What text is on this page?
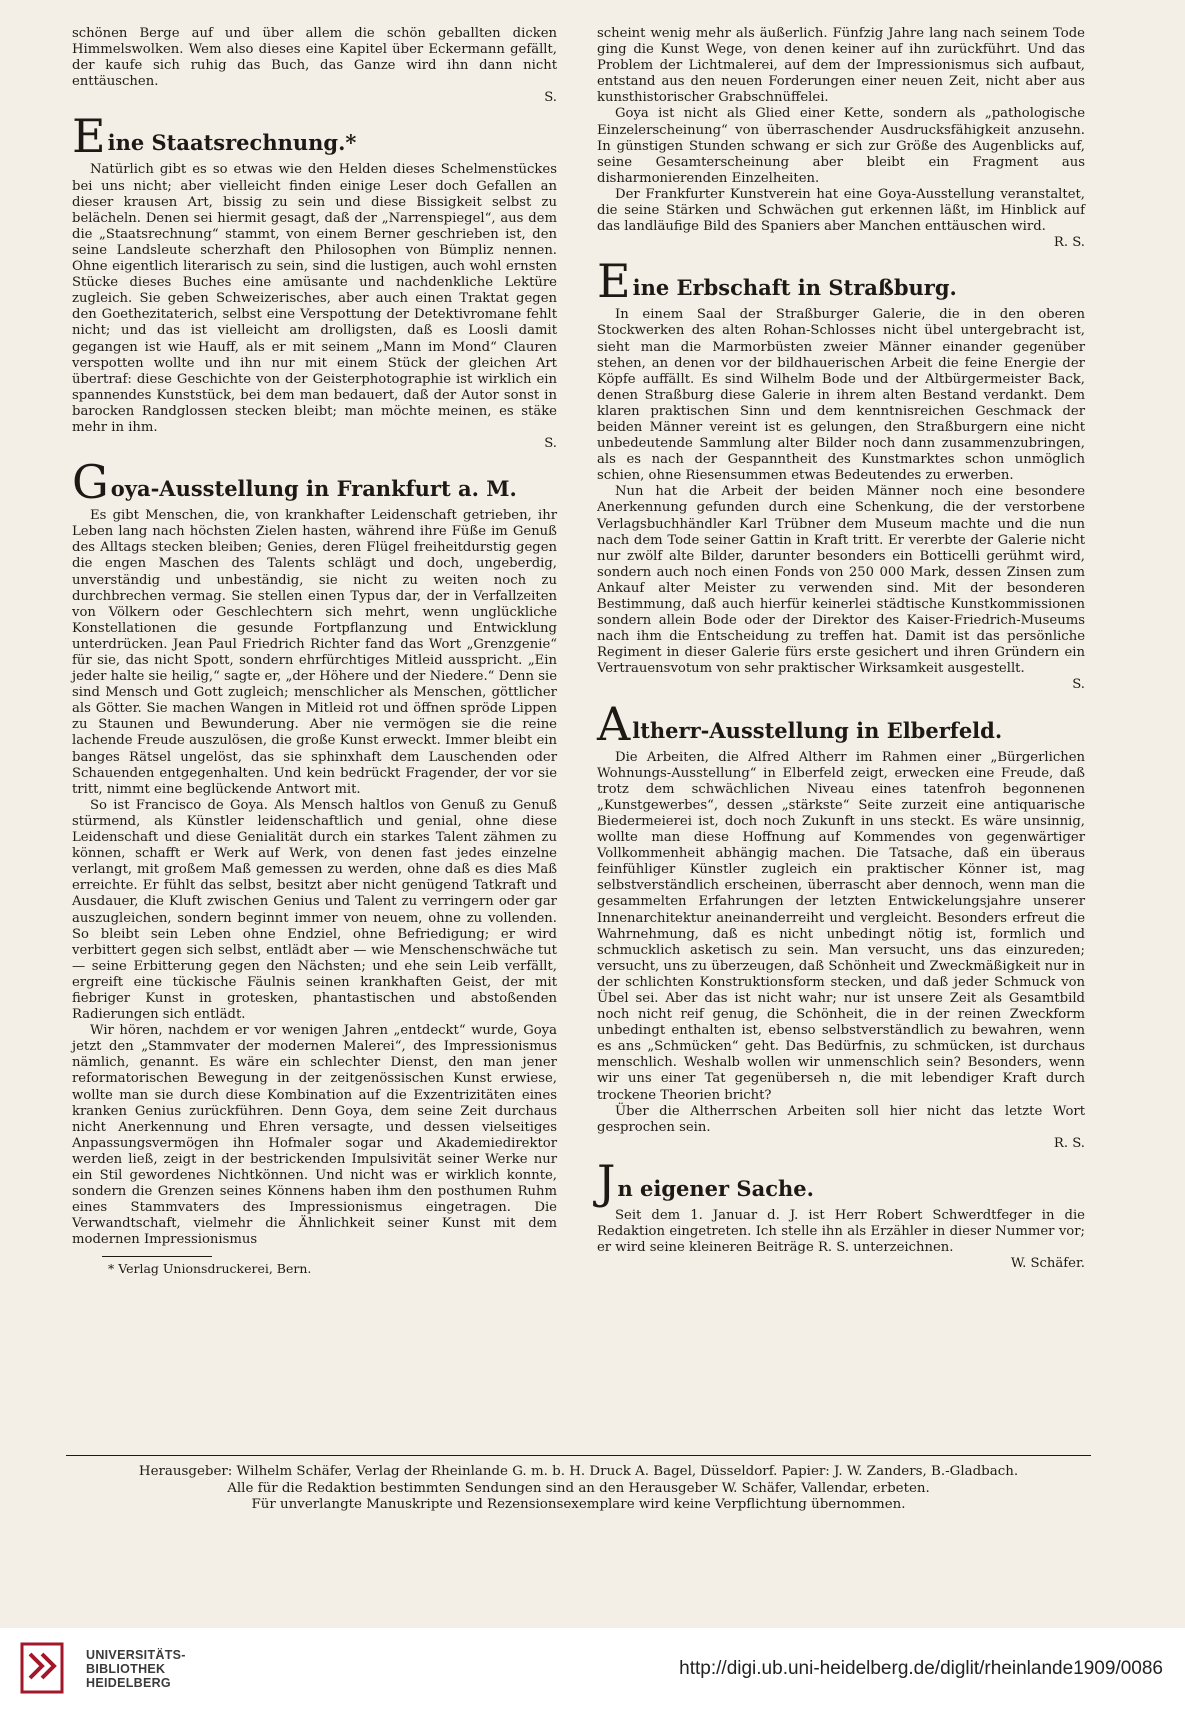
schönen Berge auf und über allem die schön geballten dicken Himmelswolken. Wem also dieses eine Kapitel über Eckermann gefällt, der kaufe sich ruhig das Buch, das Ganze wird ihn dann nicht enttäuschen.

S.
E ine Staatsrechnung.*

Natürlich gibt es so etwas wie den Helden dieses Schelmenstückes bei uns nicht; aber vielleicht finden einige Leser doch Gefallen an dieser krausen Art, bissig zu sein und diese Bissigkeit selbst zu belächeln. Denen sei hiermit gesagt, daß der „Narrenspiegel“, aus dem die „Staatsrechnung“ stammt, von einem Berner geschrieben ist, den seine Landsleute scherzhaft den Philosophen von Bümpliz nennen. Ohne eigentlich literarisch zu sein, sind die lustigen, auch wohl ernsten Stücke dieses Buches eine amüsante und nachdenkliche Lektüre zugleich. Sie geben Schweizerisches, aber auch einen Traktat gegen den Goethezitaterich, selbst eine Verspottung der Detektivromane fehlt nicht; und das ist vielleicht am drolligsten, daß es Loosli damit gegangen ist wie Hauff, als er mit seinem „Mann im Mond“ Clauren verspotten wollte und ihn nur mit einem Stück der gleichen Art übertraf: diese Geschichte von der Geisterphotographie ist wirklich ein spannendes Kunststück, bei dem man bedauert, daß der Autor sonst in barocken Randglossen stecken bleibt; man möchte meinen, es stäke mehr in ihm.

S.
G oya-Ausstellung in Frankfurt a. M.

Es gibt Menschen, die, von krankhafter Leidenschaft getrieben, ihr Leben lang nach höchsten Zielen hasten, während ihre Füße im Genuß des Alltags stecken bleiben; Genies, deren Flügel freiheitdurstig gegen die engen Maschen des Talents schlägt und doch, ungeberdig, unverständig und unbeständig, sie nicht zu weiten noch zu durchbrechen vermag. Sie stellen einen Typus dar, der in Verfallzeiten von Völkern oder Geschlechtern sich mehrt, wenn unglückliche Konstellationen die gesunde Fortpflanzung und Entwicklung unterdrücken. Jean Paul Friedrich Richter fand das Wort „Grenzgenie“ für sie, das nicht Spott, sondern ehrfürchtiges Mitleid ausspricht. „Ein jeder halte sie heilig,“ sagte er, „der Höhere und der Niedere.“ Denn sie sind Mensch und Gott zugleich; menschlicher als Menschen, göttlicher als Götter. Sie machen Wangen in Mitleid rot und öffnen spröde Lippen zu Staunen und Bewunderung. Aber nie vermögen sie die reine lachende Freude auszulösen, die große Kunst erweckt. Immer bleibt ein banges Rätsel ungelöst, das sie sphinxhaft dem Lauschenden oder Schauenden entgegenhalten. Und kein bedrückt Fragender, der vor sie tritt, nimmt eine beglückende Antwort mit.

So ist Francisco de Goya. Als Mensch haltlos von Genuß zu Genuß stürmend, als Künstler leidenschaftlich und genial, ohne diese Leidenschaft und diese Genialität durch ein starkes Talent zähmen zu können, schafft er Werk auf Werk, von denen fast jedes einzelne verlangt, mit großem Maß gemessen zu werden, ohne daß es dies Maß erreichte. Er fühlt das selbst, besitzt aber nicht genügend Tatkraft und Ausdauer, die Kluft zwischen Genius und Talent zu verringern oder gar auszugleichen, sondern beginnt immer von neuem, ohne zu vollenden. So bleibt sein Leben ohne Endziel, ohne Befriedigung; er wird verbittert gegen sich selbst, entlädt aber — wie Menschenschwäche tut — seine Erbitterung gegen den Nächsten; und ehe sein Leib verfällt, ergreift eine tückische Fäulnis seinen krankhaften Geist, der mit fiebriger Kunst in grotesken, phantastischen und abstoßenden Radierungen sich entlädt.

Wir hören, nachdem er vor wenigen Jahren „entdeckt“ wurde, Goya jetzt den „Stammvater der modernen Malerei“, des Impressionismus nämlich, genannt. Es wäre ein schlechter Dienst, den man jener reformatorischen Bewegung in der zeitgenössischen Kunst erwiese, wollte man sie durch diese Kombination auf die Exzentrizitäten eines kranken Genius zurückführen. Denn Goya, dem seine Zeit durchaus nicht Anerkennung und Ehren versagte, und dessen vielseitiges Anpassungsvermögen ihn Hofmaler sogar und Akademiedirektor werden ließ, zeigt in der bestrickenden Impulsivität seiner Werke nur ein Stil gewordenes Nichtkönnen. Und nicht was er wirklich konnte, sondern die Grenzen seines Könnens haben ihm den posthumen Ruhm eines Stammvaters des Impressionismus eingetragen. Die Verwandtschaft, vielmehr die Ähnlichkeit seiner Kunst mit dem modernen Impressionismus

* Verlag Unionsdruckerei, Bern.

scheint wenig mehr als äußerlich. Fünfzig Jahre lang nach seinem Tode ging die Kunst Wege, von denen keiner auf ihn zurückführt. Und das Problem der Lichtmalerei, auf dem der Impressionismus sich aufbaut, entstand aus den neuen Forderungen einer neuen Zeit, nicht aber aus kunsthistorischer Grabschnüffelei.

Goya ist nicht als Glied einer Kette, sondern als „pathologische Einzelerscheinung“ von überraschender Ausdrucksfähigkeit anzusehn. In günstigen Stunden schwang er sich zur Größe des Augenblicks auf, seine Gesamterscheinung aber bleibt ein Fragment aus disharmonierenden Einzelheiten.

Der Frankfurter Kunstverein hat eine Goya-Ausstellung veranstaltet, die seine Stärken und Schwächen gut erkennen läßt, im Hinblick auf das landläufige Bild des Spaniers aber Manchen enttäuschen wird.

R. S.
E ine Erbschaft in Straßburg.

In einem Saal der Straßburger Galerie, die in den oberen Stockwerken des alten Rohan-Schlosses nicht übel untergebracht ist, sieht man die Marmorbüsten zweier Männer einander gegenüber stehen, an denen vor der bildhauerischen Arbeit die feine Energie der Köpfe auffällt. Es sind Wilhelm Bode und der Altbürgermeister Back, denen Straßburg diese Galerie in ihrem alten Bestand verdankt. Dem klaren praktischen Sinn und dem kenntnisreichen Geschmack der beiden Männer vereint ist es gelungen, den Straßburgern eine nicht unbedeutende Sammlung alter Bilder noch dann zusammenzubringen, als es nach der Gespanntheit des Kunstmarktes schon unmöglich schien, ohne Riesensummen etwas Bedeutendes zu erwerben.

Nun hat die Arbeit der beiden Männer noch eine besondere Anerkennung gefunden durch eine Schenkung, die der verstorbene Verlagsbuchhändler Karl Trübner dem Museum machte und die nun nach dem Tode seiner Gattin in Kraft tritt. Er vererbte der Galerie nicht nur zwölf alte Bilder, darunter besonders ein Botticelli gerühmt wird, sondern auch noch einen Fonds von 250 000 Mark, dessen Zinsen zum Ankauf alter Meister zu verwenden sind. Mit der besonderen Bestimmung, daß auch hierfür keinerlei städtische Kunstkommissionen sondern allein Bode oder der Direktor des Kaiser-Friedrich-Museums nach ihm die Entscheidung zu treffen hat. Damit ist das persönliche Regiment in dieser Galerie fürs erste gesichert und ihren Gründern ein Vertrauensvotum von sehr praktischer Wirksamkeit ausgestellt.

S.
A ltherr-Ausstellung in Elberfeld.

Die Arbeiten, die Alfred Altherr im Rahmen einer „Bürgerlichen Wohnungs-Ausstellung“ in Elberfeld zeigt, erwecken eine Freude, daß trotz dem schwächlichen Niveau eines tatenfroh begonnenen „Kunstgewerbes“, dessen „stärkste“ Seite zurzeit eine antiquarische Biedermeierei ist, doch noch Zukunft in uns steckt. Es wäre unsinnig, wollte man diese Hoffnung auf Kommendes von gegenwärtiger Vollkommenheit abhängig machen. Die Tatsache, daß ein überaus feinfühliger Künstler zugleich ein praktischer Könner ist, mag selbstverständlich erscheinen, überrascht aber dennoch, wenn man die gesammelten Erfahrungen der letzten Entwickelungsjahre unserer Innenarchitektur aneinanderreiht und vergleicht. Besonders erfreut die Wahrnehmung, daß es nicht unbedingt nötig ist, formlich und schmucklich asketisch zu sein. Man versucht, uns das einzureden; versucht, uns zu überzeugen, daß Schönheit und Zweckmäßigkeit nur in der schlichten Konstruktionsform stecken, und daß jeder Schmuck von Übel sei. Aber das ist nicht wahr; nur ist unsere Zeit als Gesamtbild noch nicht reif genug, die Schönheit, die in der reinen Zweckform unbedingt enthalten ist, ebenso selbstverständlich zu bewahren, wenn es ans „Schmücken“ geht. Das Bedürfnis, zu schmücken, ist durchaus menschlich. Weshalb wollen wir unmenschlich sein? Besonders, wenn wir uns einer Tat gegenüberseh n, die mit lebendiger Kraft durch trockene Theorien bricht?

Über die Altherrschen Arbeiten soll hier nicht das letzte Wort gesprochen sein.

R. S.
J n eigener Sache.

Seit dem 1. Januar d. J. ist Herr Robert Schwerdtfeger in die Redaktion eingetreten. Ich stelle ihn als Erzähler in dieser Nummer vor; er wird seine kleineren Beiträge R. S. unterzeichnen.

W. Schäfer.
Herausgeber: Wilhelm Schäfer, Verlag der Rheinlande G. m. b. H. Druck A. Bagel, Düsseldorf. Papier: J. W. Zanders, B.-Gladbach.
Alle für die Redaktion bestimmten Sendungen sind an den Herausgeber W. Schäfer, Vallendar, erbeten.
Für unverlangte Manuskripte und Rezensionsexemplare wird keine Verpflichtung übernommen.
UNIVERSITÄTS-
BIBLIOTHEK
HEIDELBERG
http://digi.ub.uni-heidelberg.de/diglit/rheinlande1909/0086
